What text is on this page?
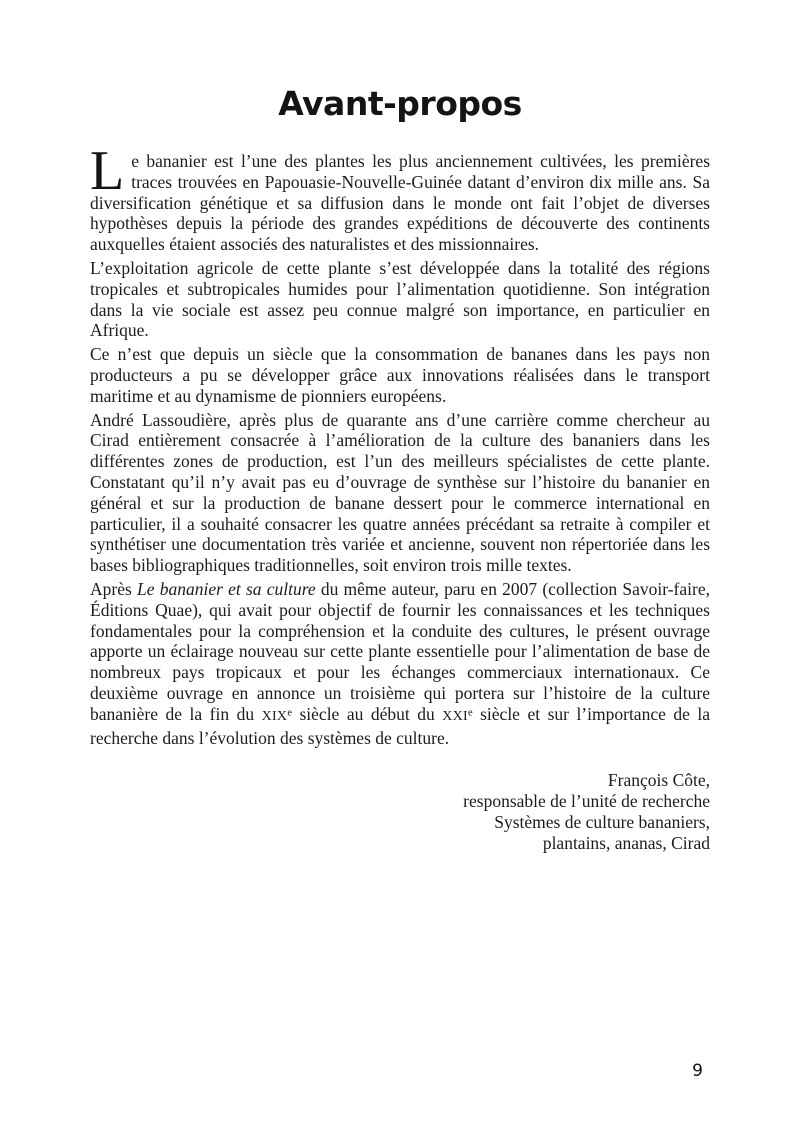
Avant-propos

Le bananier est l’une des plantes les plus anciennement cultivées, les premières traces trouvées en Papouasie-Nouvelle-Guinée datant d’environ dix mille ans. Sa diversification génétique et sa diffusion dans le monde ont fait l’objet de diverses hypothèses depuis la période des grandes expéditions de découverte des continents auxquelles étaient associés des naturalistes et des missionnaires.

L’exploitation agricole de cette plante s’est développée dans la totalité des régions tropicales et subtropicales humides pour l’alimentation quotidienne. Son intégration dans la vie sociale est assez peu connue malgré son importance, en particulier en Afrique.

Ce n’est que depuis un siècle que la consommation de bananes dans les pays non producteurs a pu se développer grâce aux innovations réalisées dans le transport maritime et au dynamisme de pionniers européens.

André Lassoudière, après plus de quarante ans d’une carrière comme chercheur au Cirad entièrement consacrée à l’amélioration de la culture des bananiers dans les différentes zones de production, est l’un des meilleurs spécialistes de cette plante. Constatant qu’il n’y avait pas eu d’ouvrage de synthèse sur l’histoire du bananier en général et sur la production de banane dessert pour le commerce international en particulier, il a souhaité consacrer les quatre années précédant sa retraite à compiler et synthétiser une documentation très variée et ancienne, souvent non répertoriée dans les bases bibliographiques traditionnelles, soit environ trois mille textes.

Après Le bananier et sa culture du même auteur, paru en 2007 (collection Savoir-faire, Éditions Quae), qui avait pour objectif de fournir les connaissances et les techniques fondamentales pour la compréhension et la conduite des cultures, le présent ouvrage apporte un éclairage nouveau sur cette plante essentielle pour l’alimentation de base de nombreux pays tropicaux et pour les échanges commerciaux internationaux. Ce deuxième ouvrage en annonce un troisième qui portera sur l’histoire de la culture bananière de la fin du XIXe siècle au début du XXIe siècle et sur l’importance de la recherche dans l’évolution des systèmes de culture.

François Côte,
responsable de l’unité de recherche
Systèmes de culture bananiers,
plantains, ananas, Cirad
9
